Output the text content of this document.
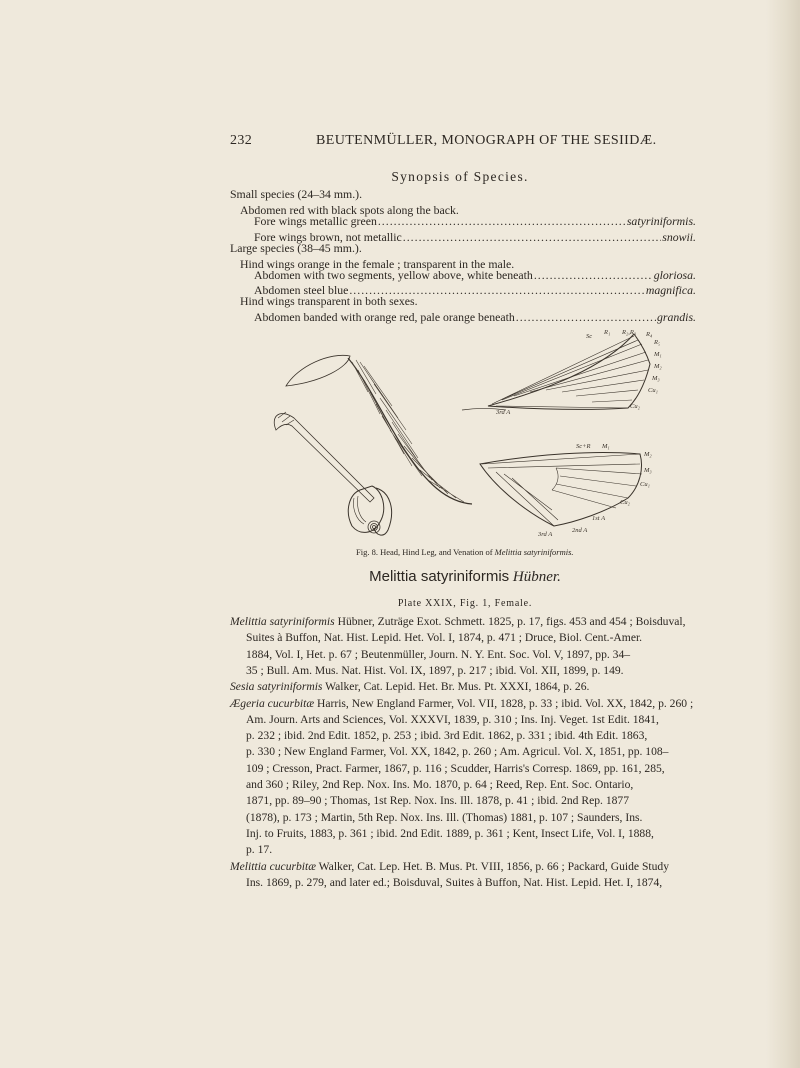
232	BEUTENMÜLLER, MONOGRAPH OF THE SESIIDÆ.
Synopsis of Species.
Small species (24–34 mm.).
Abdomen red with black spots along the back.
Fore wings metallic green .....	satyriniformis.
Fore wings brown, not metallic .....	snowii.
Large species (38–45 mm.).
Hind wings orange in the female ; transparent in the male.
Abdomen with two segments, yellow above, white beneath .....	gloriosa.
Abdomen steel blue .....	magnifica.
Hind wings transparent in both sexes.
Abdomen banded with orange red, pale orange beneath .....	grandis.
Sc
R₁ R₂,R₃ R₄
R₅
M₁
M₂
M₃
Cu₁
Cu₂
3rd A
Sc+R M₁
M₂
M₃
Cu₁
Cu₂
1st A
2nd A
3rd A
Fig. 8. Head, Hind Leg, and Venation of Melittia satyriniformis.
Melittia satyriniformis Hübner.
Plate XXIX, Fig. 1, Female.
Melittia satyriniformis Hübner, Zuträge Exot. Schmett. 1825, p. 17, figs. 453 and 454 ; Boisduval,
Suites à Buffon, Nat. Hist. Lepid. Het. Vol. I, 1874, p. 471 ; Druce, Biol. Cent.-Amer.
1884, Vol. I, Het. p. 67 ; Beutenmüller, Journ. N. Y. Ent. Soc. Vol. V, 1897, pp. 34–
35 ; Bull. Am. Mus. Nat. Hist. Vol. IX, 1897, p. 217 ; ibid. Vol. XII, 1899, p. 149.
Sesia satyriniformis Walker, Cat. Lepid. Het. Br. Mus. Pt. XXXI, 1864, p. 26.
Ægeria cucurbitæ Harris, New England Farmer, Vol. VII, 1828, p. 33 ; ibid. Vol. XX, 1842, p. 260 ;
Am. Journ. Arts and Sciences, Vol. XXXVI, 1839, p. 310 ; Ins. Inj. Veget. 1st Edit. 1841,
p. 232 ; ibid. 2nd Edit. 1852, p. 253 ; ibid. 3rd Edit. 1862, p. 331 ; ibid. 4th Edit. 1863,
p. 330 ; New England Farmer, Vol. XX, 1842, p. 260 ; Am. Agricul. Vol. X, 1851, pp. 108–
109 ; Cresson, Pract. Farmer, 1867, p. 116 ; Scudder, Harris's Corresp. 1869, pp. 161, 285,
and 360 ; Riley, 2nd Rep. Nox. Ins. Mo. 1870, p. 64 ; Reed, Rep. Ent. Soc. Ontario,
1871, pp. 89–90 ; Thomas, 1st Rep. Nox. Ins. Ill. 1878, p. 41 ; ibid. 2nd Rep. 1877
(1878), p. 173 ; Martin, 5th Rep. Nox. Ins. Ill. (Thomas) 1881, p. 107 ; Saunders, Ins.
Inj. to Fruits, 1883, p. 361 ; ibid. 2nd Edit. 1889, p. 361 ; Kent, Insect Life, Vol. I, 1888,
p. 17.
Melittia cucurbitæ Walker, Cat. Lep. Het. B. Mus. Pt. VIII, 1856, p. 66 ; Packard, Guide Study
Ins. 1869, p. 279, and later ed.; Boisduval, Suites à Buffon, Nat. Hist. Lepid. Het. I, 1874,
